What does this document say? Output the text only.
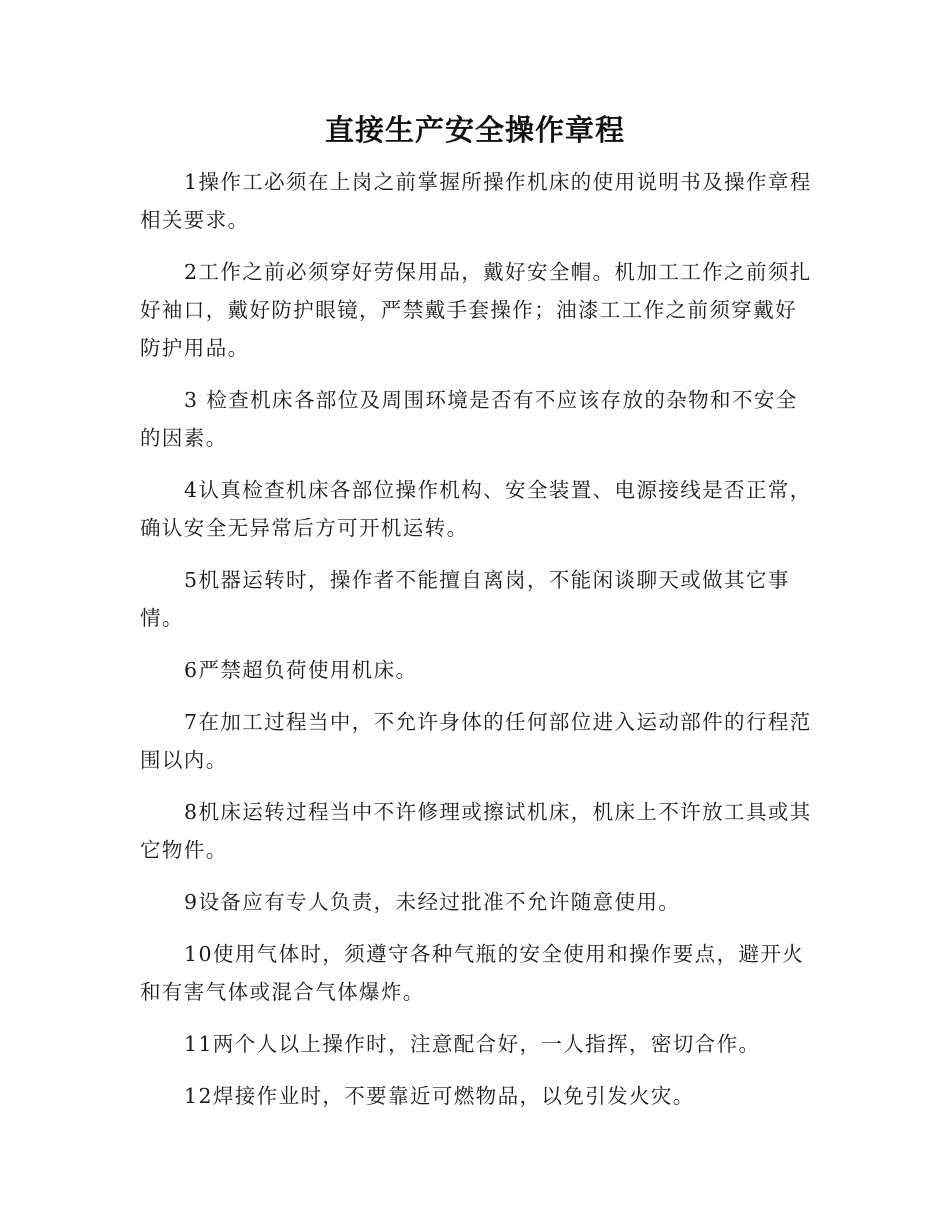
直接生产安全操作章程

1操作工必须在上岗之前掌握所操作机床的使用说明书及操作章程相关要求。

2工作之前必须穿好劳保用品，戴好安全帽。机加工工作之前须扎好袖口，戴好防护眼镜，严禁戴手套操作；油漆工工作之前须穿戴好防护用品。

3 检查机床各部位及周围环境是否有不应该存放的杂物和不安全的因素。

4认真检查机床各部位操作机构、安全装置、电源接线是否正常，确认安全无异常后方可开机运转。

5机器运转时，操作者不能擅自离岗，不能闲谈聊天或做其它事情。

6严禁超负荷使用机床。

7在加工过程当中，不允许身体的任何部位进入运动部件的行程范围以内。

8机床运转过程当中不许修理或擦试机床，机床上不许放工具或其它物件。

9设备应有专人负责，未经过批准不允许随意使用。

10使用气体时，须遵守各种气瓶的安全使用和操作要点，避开火和有害气体或混合气体爆炸。

11两个人以上操作时，注意配合好，一人指挥，密切合作。

12焊接作业时，不要靠近可燃物品，以免引发火灾。
